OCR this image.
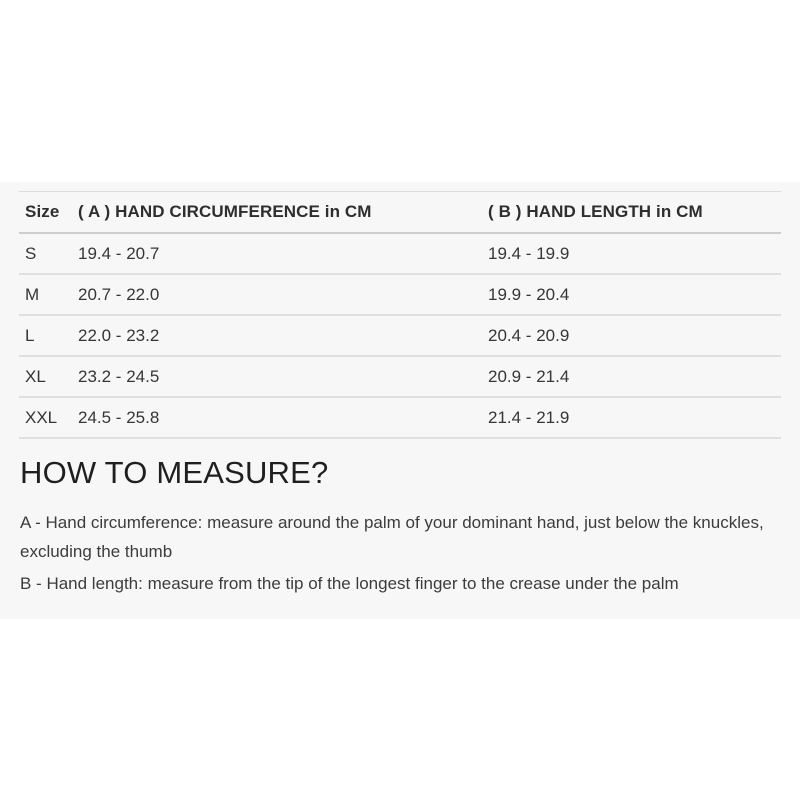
Size	( A ) HAND CIRCUMFERENCE in CM	( B ) HAND LENGTH in CM
S	19.4 - 20.7	19.4 - 19.9
M	20.7 - 22.0	19.9 - 20.4
L	22.0 - 23.2	20.4 - 20.9
XL	23.2 - 24.5	20.9 - 21.4
XXL	24.5 - 25.8	21.4 - 21.9
HOW TO MEASURE?

A - Hand circumference: measure around the palm of your dominant hand, just below the knuckles, excluding the thumb

B - Hand length: measure from the tip of the longest finger to the crease under the palm
